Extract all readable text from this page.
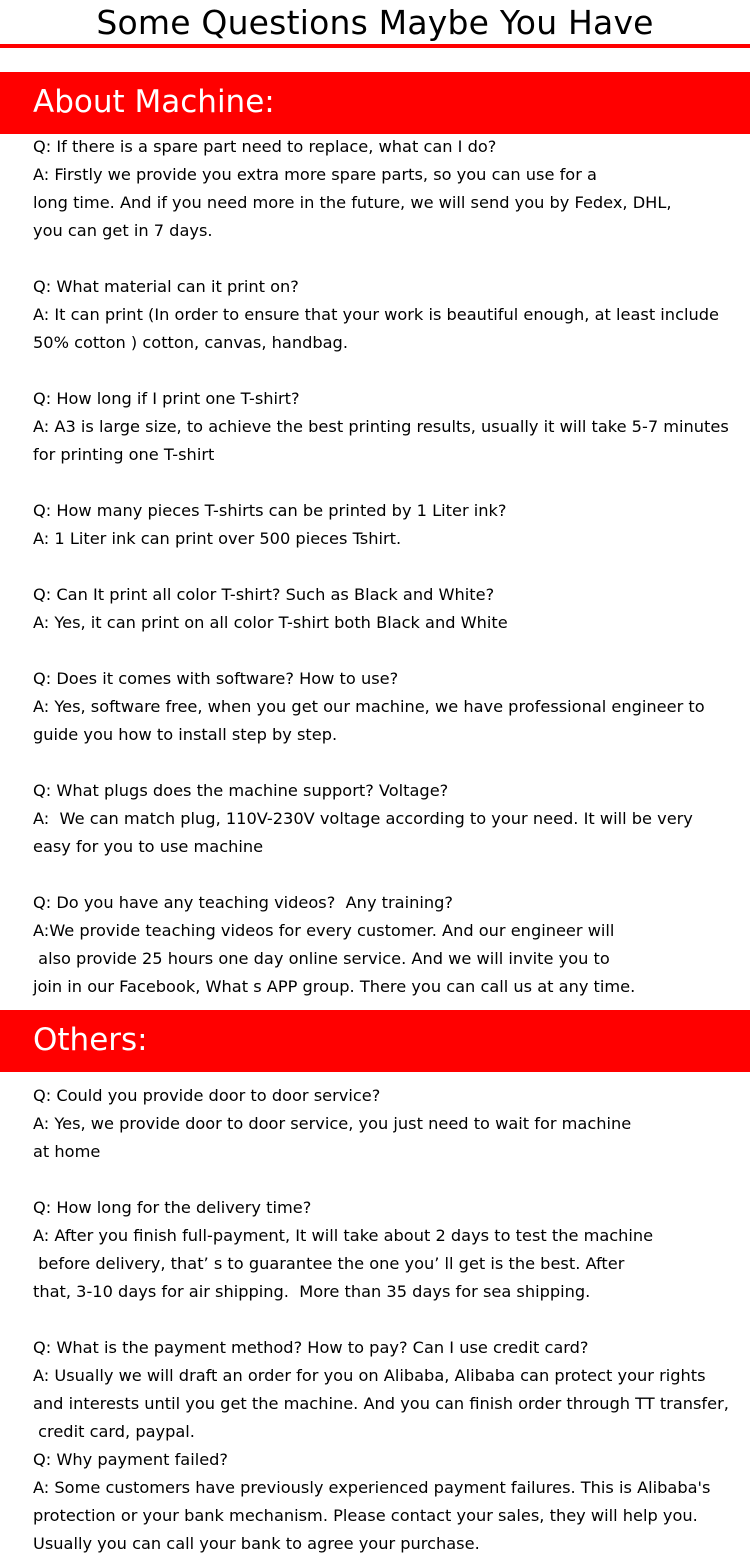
Some Questions Maybe You Have
About Machine:
Q: If there is a spare part need to replace, what can I do?
A: Firstly we provide you extra more spare parts, so you can use for a
long time. And if you need more in the future, we will send you by Fedex, DHL,
you can get in 7 days.

Q: What material can it print on?
A: It can print (In order to ensure that your work is beautiful enough, at least include
50% cotton ) cotton, canvas, handbag.

Q: How long if I print one T-shirt?
A: A3 is large size, to achieve the best printing results, usually it will take 5-7 minutes
for printing one T-shirt

Q: How many pieces T-shirts can be printed by 1 Liter ink?
A: 1 Liter ink can print over 500 pieces Tshirt.

Q: Can It print all color T-shirt? Such as Black and White?
A: Yes, it can print on all color T-shirt both Black and White

Q: Does it comes with software? How to use?
A: Yes, software free, when you get our machine, we have professional engineer to
guide you how to install step by step.

Q: What plugs does the machine support? Voltage?
A:  We can match plug, 110V-230V voltage according to your need. It will be very
easy for you to use machine

Q: Do you have any teaching videos?  Any training?
A:We provide teaching videos for every customer. And our engineer will
also provide 25 hours one day online service. And we will invite you to
join in our Facebook, What s APP group. There you can call us at any time.
Others:
Q: Could you provide door to door service?
A: Yes, we provide door to door service, you just need to wait for machine
at home

Q: How long for the delivery time?
A: After you finish full-payment, It will take about 2 days to test the machine
before delivery, that’ s to guarantee the one you’ ll get is the best. After
that, 3-10 days for air shipping.  More than 35 days for sea shipping.

Q: What is the payment method? How to pay? Can I use credit card?
A: Usually we will draft an order for you on Alibaba, Alibaba can protect your rights
and interests until you get the machine. And you can finish order through TT transfer,
credit card, paypal.
Q: Why payment failed?
A: Some customers have previously experienced payment failures. This is Alibaba's
protection or your bank mechanism. Please contact your sales, they will help you.
Usually you can call your bank to agree your purchase.
